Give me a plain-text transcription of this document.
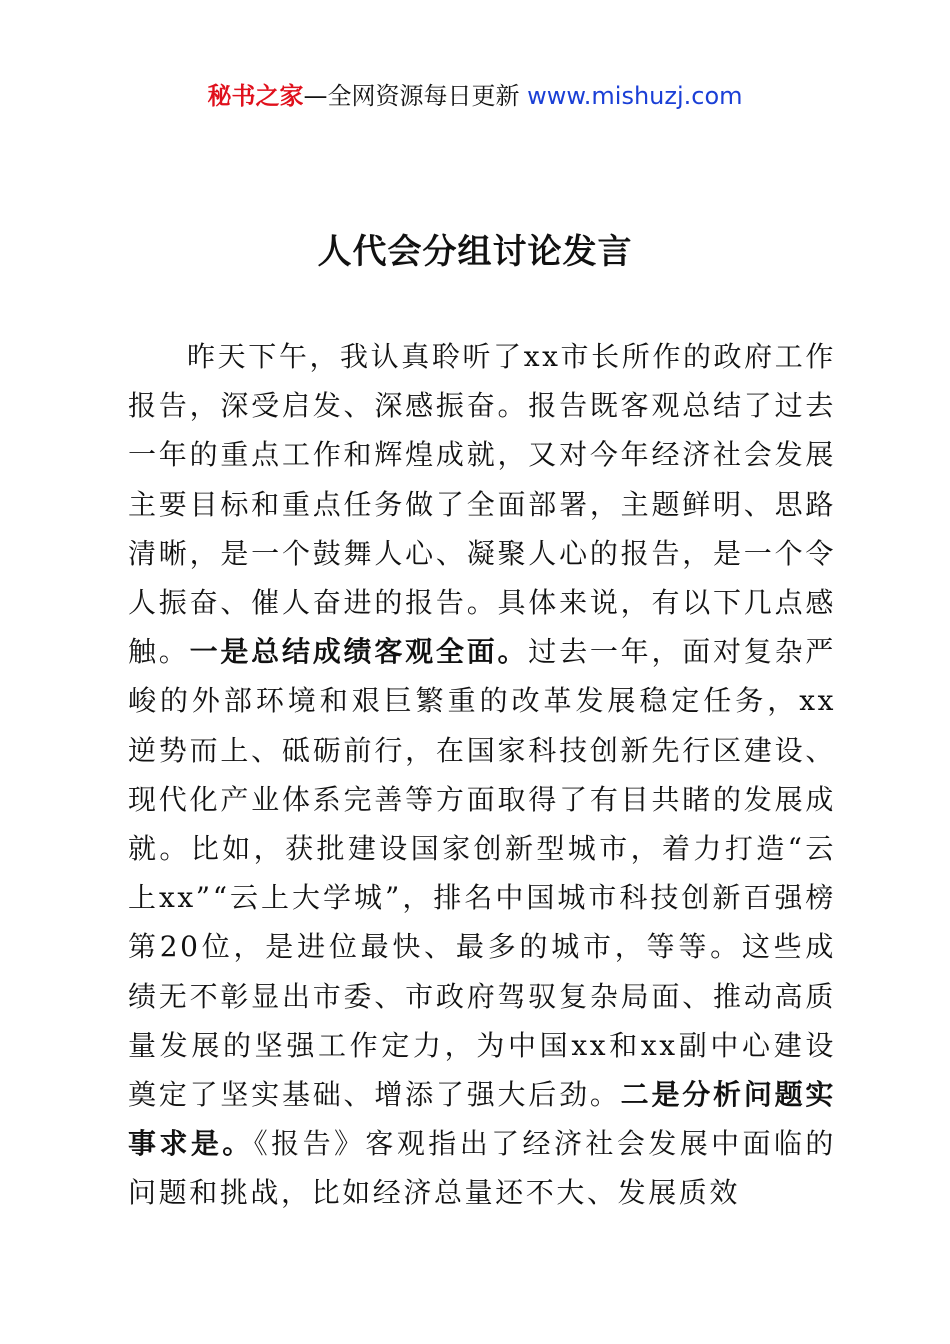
秘书之家—全网资源每日更新 www.mishuzj.com
人代会分组讨论发言

昨天下午，我认真聆听了xx市长所作的政府工作报告，深受启发、深感振奋。报告既客观总结了过去一年的重点工作和辉煌成就，又对今年经济社会发展主要目标和重点任务做了全面部署，主题鲜明、思路清晰，是一个鼓舞人心、凝聚人心的报告，是一个令人振奋、催人奋进的报告。具体来说，有以下几点感触。一是总结成绩客观全面。过去一年，面对复杂严峻的外部环境和艰巨繁重的改革发展稳定任务，xx逆势而上、砥砺前行，在国家科技创新先行区建设、现代化产业体系完善等方面取得了有目共睹的发展成就。比如，获批建设国家创新型城市，着力打造“云上xx”“云上大学城”，排名中国城市科技创新百强榜第20位，是进位最快、最多的城市，等等。这些成绩无不彰显出市委、市政府驾驭复杂局面、推动高质量发展的坚强工作定力，为中国xx和xx副中心建设奠定了坚实基础、增添了强大后劲。二是分析问题实事求是。《报告》客观指出了经济社会发展中面临的问题和挑战，比如经济总量还不大、发展质效
